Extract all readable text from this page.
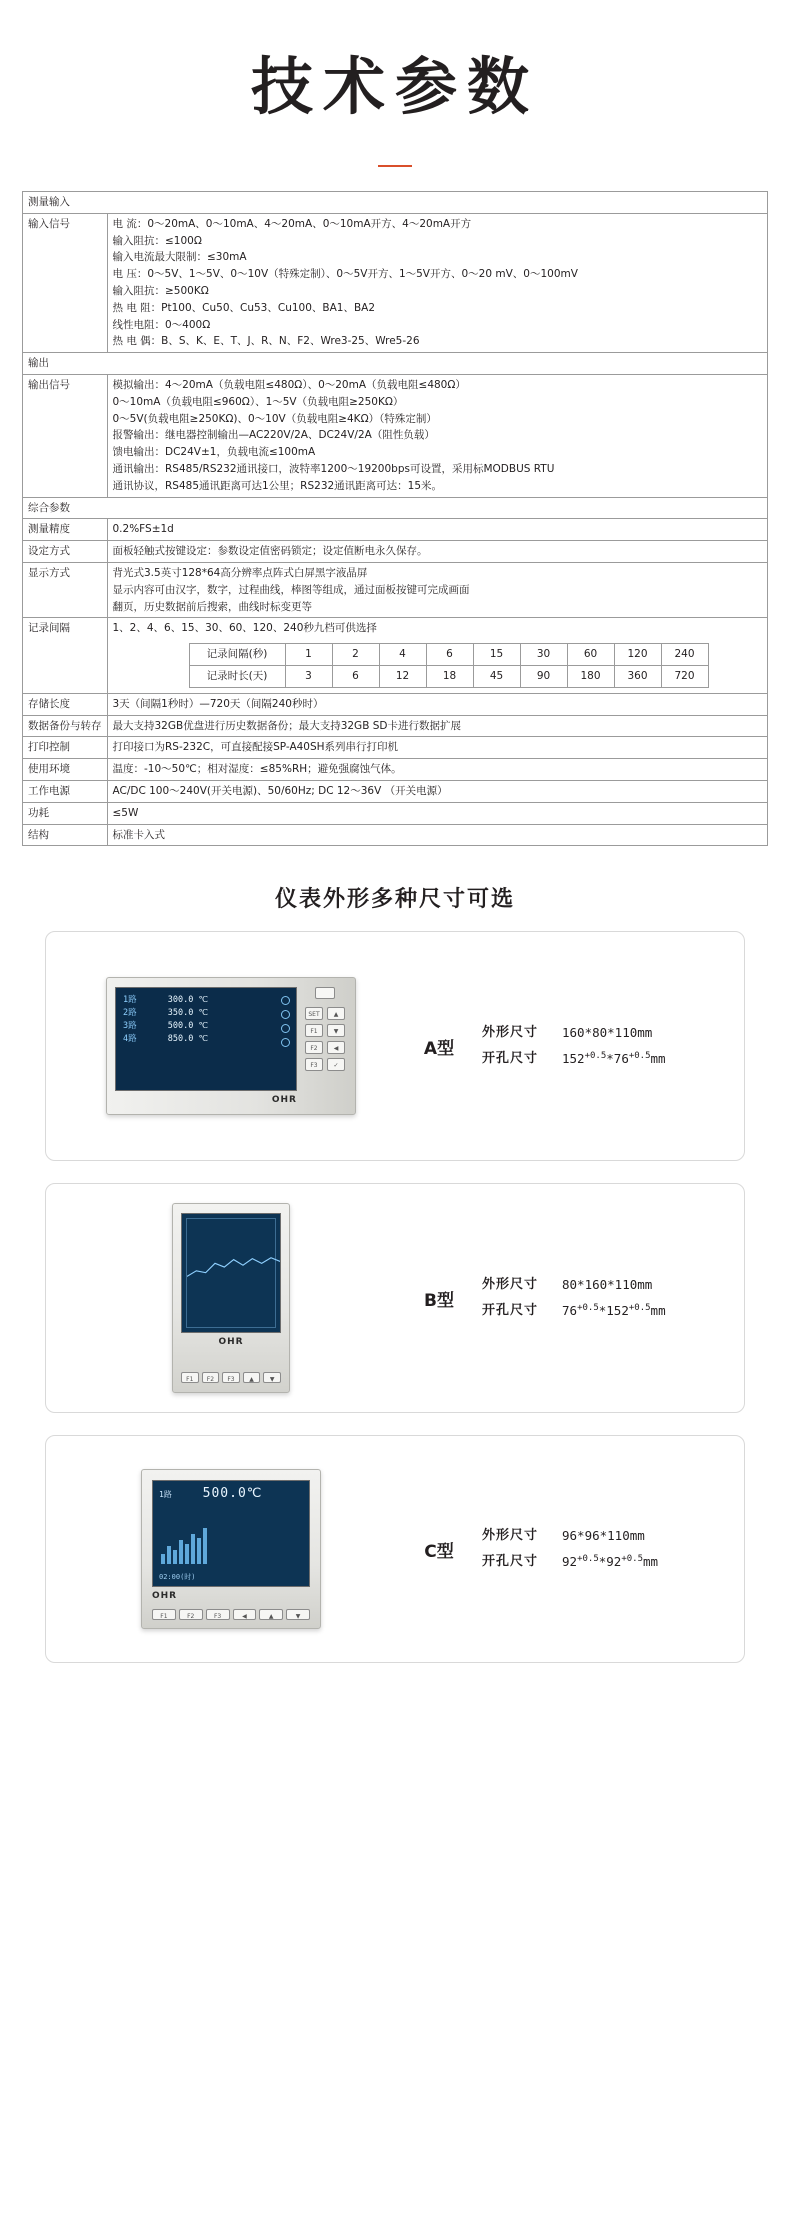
技术参数
测量输入
输入信号	电 流：0～20mA、0～10mA、4～20mA、0～10mA开方、4～20mA开方
输入阻抗：≤100Ω
输入电流最大限制：≤30mA
电 压：0～5V、1～5V、0～10V（特殊定制）、0～5V开方、1～5V开方、0～20 mV、0～100mV
输入阻抗：≥500KΩ
热 电 阻：Pt100、Cu50、Cu53、Cu100、BA1、BA2
线性电阻：0～400Ω
热 电 偶：B、S、K、E、T、J、R、N、F2、Wre3-25、Wre5-26

输出
输出信号	模拟输出：4～20mA（负载电阻≤480Ω）、0～20mA（负载电阻≤480Ω）
0～10mA（负载电阻≤960Ω）、1～5V（负载电阻≥250KΩ）
0～5V(负载电阻≥250KΩ)、0～10V（负载电阻≥4KΩ）（特殊定制）
报警输出：继电器控制输出—AC220V/2A、DC24V/2A（阻性负载）
馈电输出：DC24V±1，负载电流≤100mA
通讯输出：RS485/RS232通讯接口，波特率1200～19200bps可设置，采用标MODBUS RTU
通讯协议，RS485通讯距离可达1公里；RS232通讯距离可达：15米。

综合参数
测量精度	0.2%FS±1d

设定方式	面板轻触式按键设定：参数设定值密码锁定；设定值断电永久保存。

显示方式	背光式3.5英寸128*64高分辨率点阵式白屏黑字液晶屏
显示内容可由汉字，数字，过程曲线，棒图等组成，通过面板按键可完成画面
翻页，历史数据前后搜索，曲线时标变更等

记录间隔	1、2、4、6、15、30、60、120、240秒九档可供选择
记录间隔(秒)	1	2	4	6	15	30	60	120	240
记录时长(天)	3	6	12	18	45	90	180	360	720

存储长度	3天（间隔1秒时）—720天（间隔240秒时）

数据备份与转存	最大支持32GB优盘进行历史数据备份；最大支持32GB SD卡进行数据扩展

打印控制	打印接口为RS-232C，可直接配接SP-A40SH系列串行打印机

使用环境	温度：-10～50℃；相对湿度：≤85%RH；避免强腐蚀气体。

工作电源	AC/DC 100～240V(开关电源)、50/60Hz; DC 12～36V （开关电源）

功耗	≤5W

结构	标准卡入式
仪表外形多种尺寸可选
1路	300.0 ℃
2路	350.0 ℃
3路	500.0 ℃
4路	850.0 ℃
OHR
SET	▲
F1	▼
F2	◀
F3	✓
A型
外形尺寸	160*80*110mm
开孔尺寸	$152^{+0.5}*76^{+0.5}mm$
OHR
F1	F2	F3	▲	▼
B型
外形尺寸	80*160*110mm
开孔尺寸	$76^{+0.5}*152^{+0.5}mm$
1路 500.0℃
02:00(时)
OHR
F1	F2	F3	◀	▲	▼
C型
外形尺寸	96*96*110mm
开孔尺寸	$92^{+0.5}*92^{+0.5}mm$
